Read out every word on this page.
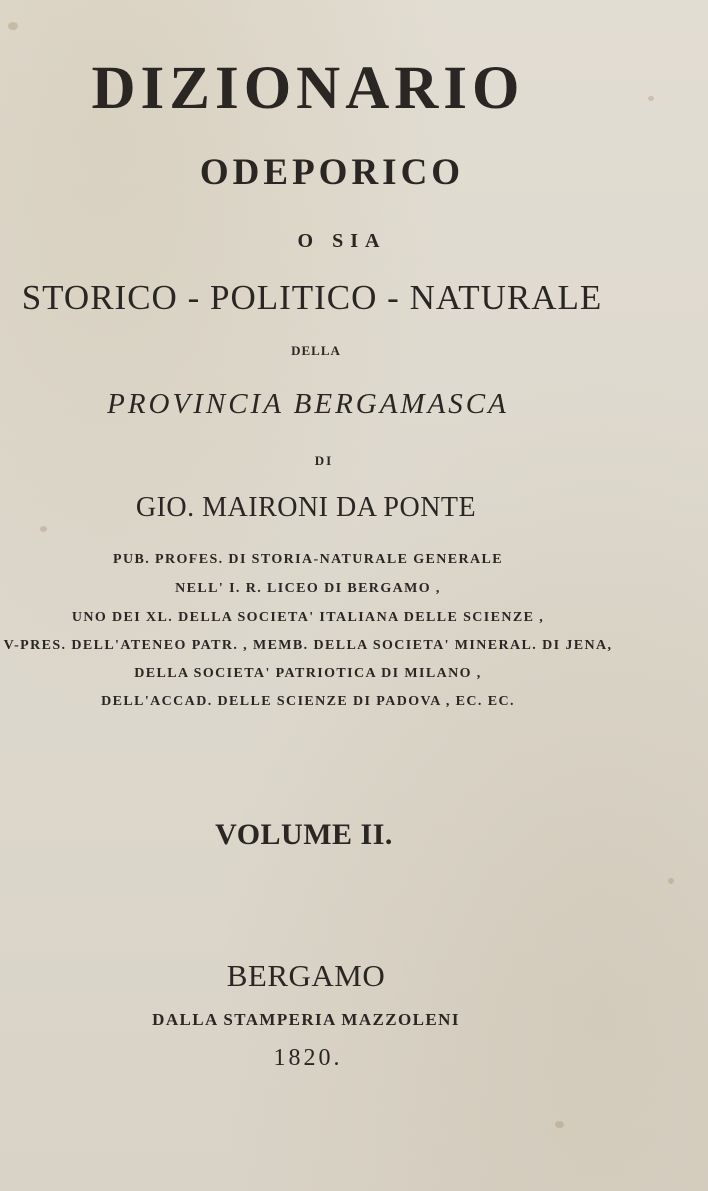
DIZIONARIO
ODEPORICO
O SIA
STORICO - POLITICO - NATURALE
DELLA
PROVINCIA BERGAMASCA
DI
GIO. MAIRONI DA PONTE
PUB. PROFES. DI STORIA-NATURALE GENERALE
NELL' I. R. LICEO DI BERGAMO ,
UNO DEI XL. DELLA SOCIETA' ITALIANA DELLE SCIENZE ,
V-PRES. DELL'ATENEO PATR. , MEMB. DELLA SOCIETA' MINERAL. DI JENA,
DELLA SOCIETA' PATRIOTICA DI MILANO ,
DELL'ACCAD. DELLE SCIENZE DI PADOVA , EC. EC.
VOLUME II.
BERGAMO
DALLA STAMPERIA MAZZOLENI
1820.
